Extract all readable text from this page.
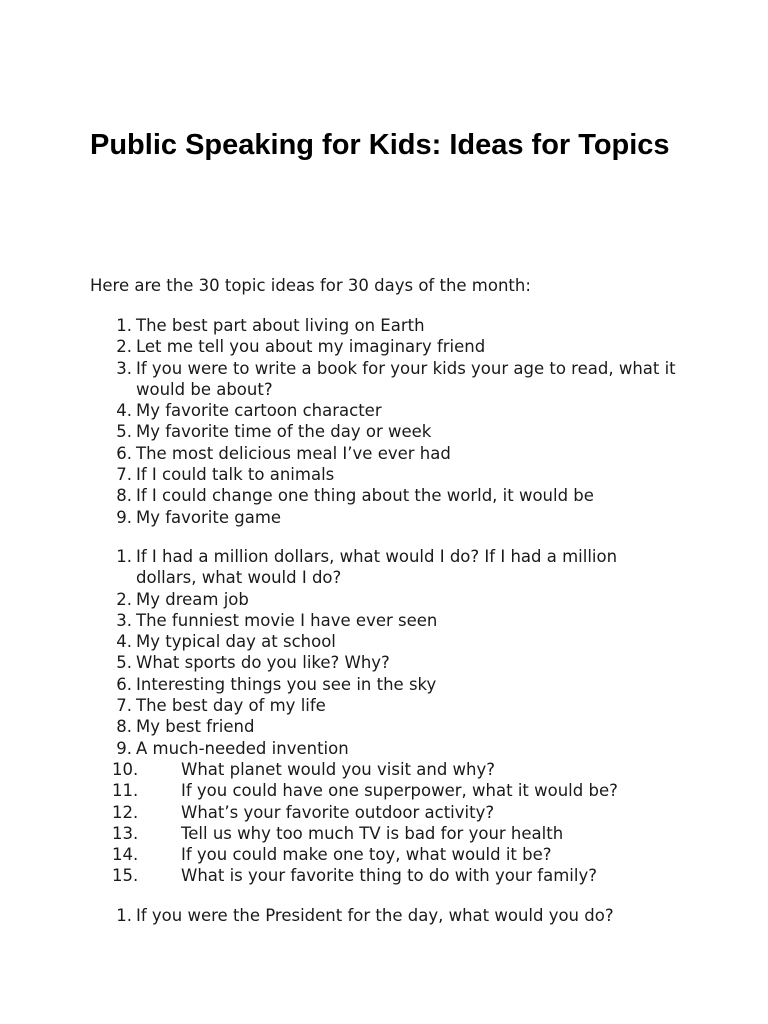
Public Speaking for Kids: Ideas for Topics

Here are the 30 topic ideas for 30 days of the month:

1. The best part about living on Earth
2. Let me tell you about my imaginary friend
3. If you were to write a book for your kids your age to read, what it would be about?
4. My favorite cartoon character
5. My favorite time of the day or week
6. The most delicious meal I’ve ever had
7. If I could talk to animals
8. If I could change one thing about the world, it would be
9. My favorite game
1. If I had a million dollars, what would I do? If I had a million dollars, what would I do?
2. My dream job
3. The funniest movie I have ever seen
4. My typical day at school
5. What sports do you like? Why?
6. Interesting things you see in the sky
7. The best day of my life
8. My best friend
9. A much-needed invention
10.	What planet would you visit and why?
11.	If you could have one superpower, what it would be?
12.	What’s your favorite outdoor activity?
13.	Tell us why too much TV is bad for your health
14.	If you could make one toy, what would it be?
15.	What is your favorite thing to do with your family?
1. If you were the President for the day, what would you do?
